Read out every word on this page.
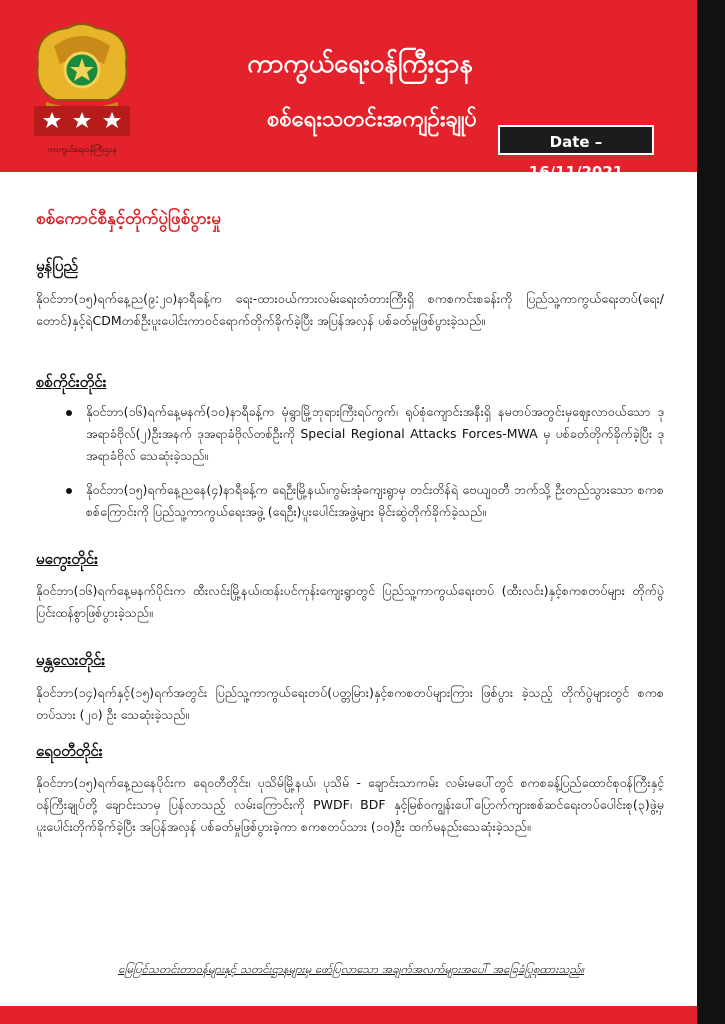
ကာကွယ်ရေးဝန်ကြီးဌာန
ကာကွယ်ရေးဝန်ကြီးဌာန
စစ်ရေးသတင်းအကျဉ်းချုပ်
Date – 16/11/2021
စစ်ကောင်စီနှင့်တိုက်ပွဲဖြစ်ပွားမှု
မွန်ပြည်
နိုဝင်ဘာ(၁၅)ရက်နေ့ည(၉:၂၀)နာရီခန့်က ရေး-ထားဝယ်ကားလမ်းရေးတံတားကြီးရှိ စကစကင်းစခန်းကို ပြည်သူ့ကာကွယ်ရေးတပ်(ရေး/တောင်)နှင့်ရဲCDMတစ်ဦးပူးပေါင်းကာဝင်ရောက်တိုက်ခိုက်ခဲ့ပြီး အပြန်အလှန် ပစ်ခတ်မှုဖြစ်ပွားခဲ့သည်။
စစ်ကိုင်းတိုင်း
နိုဝင်ဘာ(၁၆)ရက်နေ့မနက်(၁၀)နာရီခန့်က မုံရွာမြို့ဘုရားကြီးရပ်ကွက်၊ ရုပ်စုံကျောင်းအနီးရှိ နမတပ်အတွင်းမှဈေးလာဝယ်သော ဒုအရာခံဗိုလ်(၂)ဦးအနက် ဒုအရာခံဗိုလ်တစ်ဦးကို Special Regional Attacks Forces-MWA မှ ပစ်ခတ်တိုက်ခိုက်ခဲ့ပြီး ဒုအရာခံဗိုလ် သေဆုံးခဲ့သည်။
နိုဝင်ဘာ(၁၅)ရက်နေ့ညနေ(၄)နာရီခန့်က ရေဦးမြို့နယ်၊ကွမ်းအုံကျေးရွာမှ တင်းတိန်ရဲ ဗေယျဝတီ ဘက်သို့ ဦးတည်သွားသော စကစစစ်ကြောင်းကို ပြည်သူ့ကာကွယ်ရေးအဖွဲ့ (ရေဦး)ပူးပေါင်းအဖွဲ့များ မိုင်းဆွဲတိုက်ခိုက်ခဲ့သည်။
မကွေးတိုင်း
နိုဝင်ဘာ(၁၆)ရက်နေ့မနက်ပိုင်းက ထီးလင်းမြို့နယ်၊ထန်းပင်ကုန်းကျေးရွာတွင် ပြည်သူ့ကာကွယ်ရေးတပ် (ထီးလင်း)နှင့်စကစတပ်များ တိုက်ပွဲပြင်းထန်စွာဖြစ်ပွားခဲ့သည်။
မန္တလေးတိုင်း
နိုဝင်ဘာ(၁၄)ရက်နှင့်(၁၅)ရက်အတွင်း ပြည်သူ့ကာကွယ်ရေးတပ်(ပတ္တမြား)နှင့်စကစတပ်များကြား ဖြစ်ပွား ခဲ့သည့် တိုက်ပွဲများတွင် စကစတပ်သား (၂၀) ဦး သေဆုံးခဲ့သည်။
ရေဝတီတိုင်း
နိုဝင်ဘာ(၁၅)ရက်နေ့ညနေပိုင်းက ရေဝတီတိုင်း၊ ပုသိမ်မြို့နယ်၊ ပုသိမ် - ချောင်းသာကမ်း လမ်းမပေါ်တွင် စကစခန့်ပြည်ထောင်စုဝန်ကြီးနှင့်ဝန်ကြီးချုပ်တို့ ချောင်းသာမှ ပြန်လာသည့် လမ်းကြောင်းကို PWDF၊ BDF နှင့်မြစ်ဝကျွန်းပေါ်ပြောက်ကျားစစ်ဆင်ရေးတပ်ပေါင်းစု(၃)ဖွဲ့မှ ပူးပေါင်းတိုက်ခိုက်ခဲ့ပြီး အပြန်အလှန် ပစ်ခတ်မှုဖြစ်ပွားခဲ့ကာ စကစတပ်သား (၁၀)ဦး ထက်မနည်းသေဆုံးခဲ့သည်။
မြေပြင်သတင်းတာဝန်များနှင့် သတင်းဌာနများမှ ဖော်ပြလာသော အချက်အလက်များအပေါ် အခြေခံပြုစုထားသည်။
